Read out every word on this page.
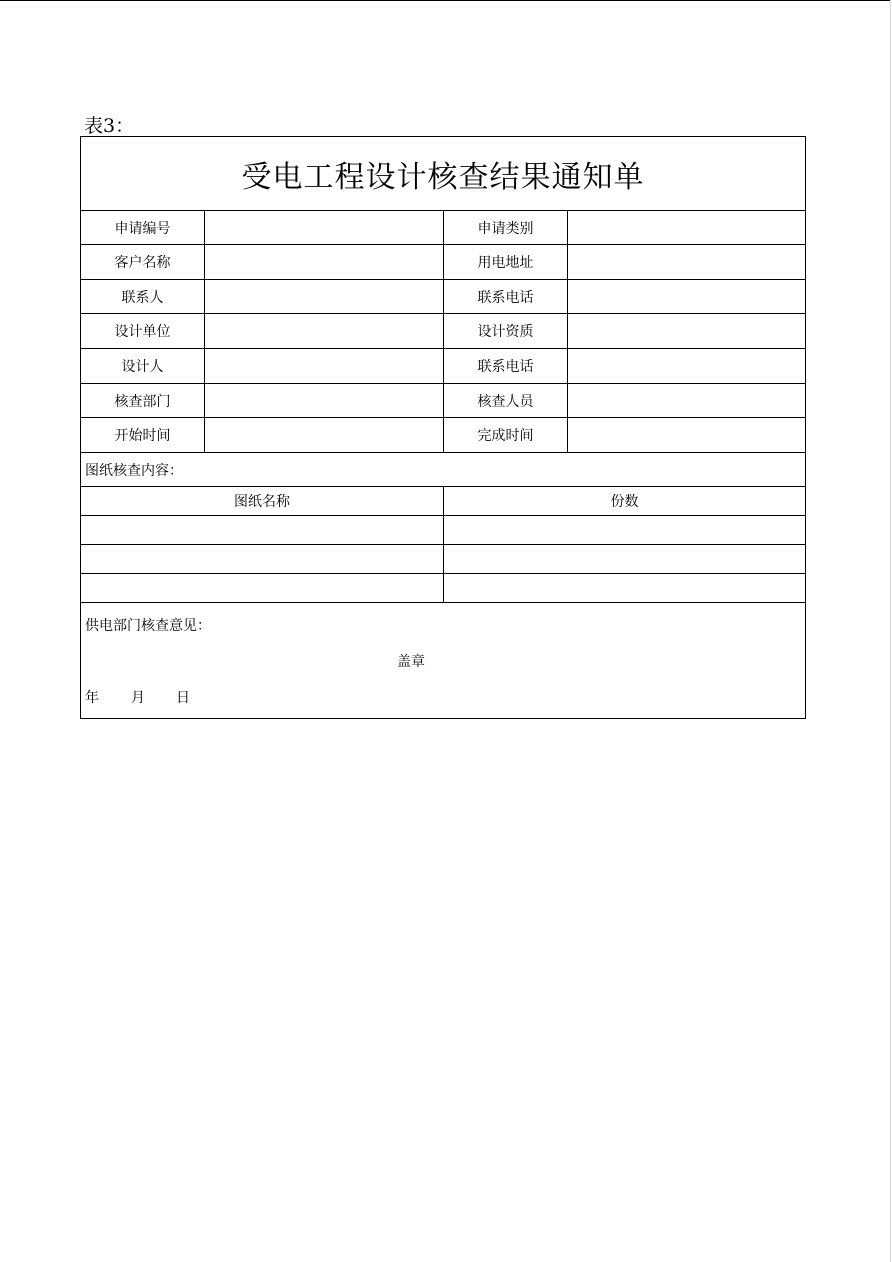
表3：
受电工程设计核查结果通知单
申请编号	申请类别
客户名称	用电地址
联系人	联系电话
设计单位	设计资质
设计人	联系电话
核查部门	核查人员
开始时间	完成时间
图纸核查内容：
图纸名称	份数
供电部门核查意见：
盖章
年 月 日
